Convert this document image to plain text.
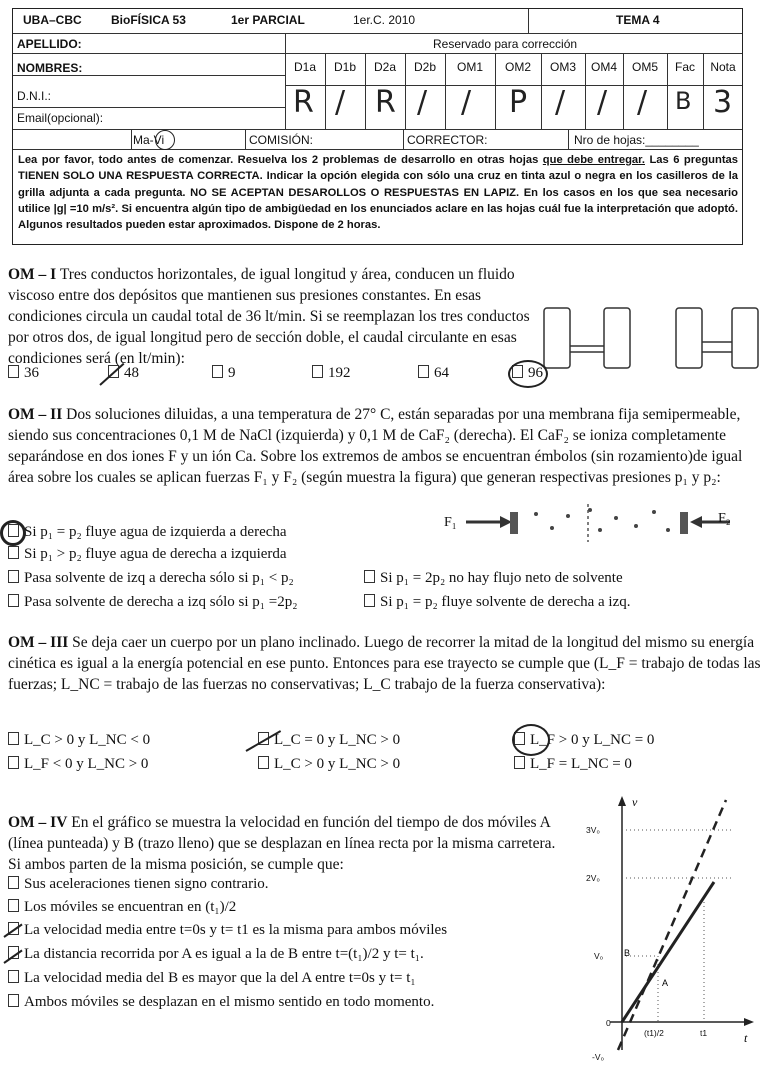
UBA–CBC BioFÍSICA 53	1er PARCIAL	1er.C. 2010	TEMA 4
APELLIDO:	Reservado para corrección
NOMBRES:	D1a	D1b	D2a	D2b	OM1	OM2	OM3	OM4	OM5	Fac	Nota
R / R / / P / / / B 3
D.N.I.:
Email(opcional):
Ma-Vi	COMISIÓN:	CORRECTOR:	Nro de hojas:________
Lea por favor, todo antes de comenzar. Resuelva los 2 problemas de desarrollo en otras hojas que debe entregar. Las 6 preguntas TIENEN SOLO UNA RESPUESTA CORRECTA. Indicar la opción elegida con sólo una cruz en tinta azul o negra en los casilleros de la grilla adjunta a cada pregunta. NO SE ACEPTAN DESAROLLOS O RESPUESTAS EN LAPIZ. En los casos en los que sea necesario utilice |g| =10 m/s². Si encuentra algún tipo de ambigüedad en los enunciados aclare en las hojas cuál fue la interpretación que adoptó. Algunos resultados pueden estar aproximados. Dispone de 2 horas.
OM – I Tres conductos horizontales, de igual longitud y área, conducen un fluido viscoso entre dos depósitos que mantienen sus presiones constantes. En esas condiciones circula un caudal total de 36 lt/min. Si se reemplazan los tres conductos por otros dos, de igual longitud pero de sección doble, el caudal circulante en esas condiciones será (en lt/min):
36	48	9	192	64	96
OM – II Dos soluciones diluidas, a una temperatura de 27° C, están separadas por una membrana fija semipermeable, siendo sus concentraciones 0,1 M de NaCl (izquierda) y 0,1 M de CaF₂ (derecha). El CaF₂ se ioniza completamente separándose en dos iones F y un ión Ca. Sobre los extremos de ambos se encuentran émbolos (sin rozamiento)de igual área sobre los cuales se aplican fuerzas F₁ y F₂ (según muestra la figura) que generan respectivas presiones p₁ y p₂:
F₁	F₂
Si p₁ = p₂ fluye agua de izquierda a derecha
Si p₁ > p₂ fluye agua de derecha a izquierda
Pasa solvente de izq a derecha sólo si p₁ < p₂	Si p₁ = 2p₂ no hay flujo neto de solvente
Pasa solvente de derecha a izq sólo si p₁ =2p₂	Si p₁ = p₂ fluye solvente de derecha a izq.
OM – III Se deja caer un cuerpo por un plano inclinado. Luego de recorrer la mitad de la longitud del mismo su energía cinética es igual a la energía potencial en ese punto. Entonces para ese trayecto se cumple que (L_F = trabajo de todas las fuerzas; L_NC = trabajo de las fuerzas no conservativas; L_C trabajo de la fuerza conservativa):
L_C > 0 y L_NC < 0	L_C = 0 y L_NC > 0	L_F > 0 y L_NC = 0
L_F < 0 y L_NC > 0	L_C > 0 y L_NC > 0	L_F = L_NC = 0
OM – IV En el gráfico se muestra la velocidad en función del tiempo de dos móviles A (línea punteada) y B (trazo lleno) que se desplazan en línea recta por la misma carretera. Si ambos parten de la misma posición, se cumple que:
Sus aceleraciones tienen signo contrario.
Los móviles se encuentran en (t₁)/2
La velocidad media entre t=0s y t= t1 es la misma para ambos móviles
La distancia recorrida por A es igual a la de B entre t=(t₁)/2 y t= t₁.
La velocidad media del B es mayor que la del A entre t=0s y t= t₁
Ambos móviles se desplazan en el mismo sentido en todo momento.
v
t
3V₀
2V₀
V₀
0
-V₀
(t1)/2	t1
B
A
